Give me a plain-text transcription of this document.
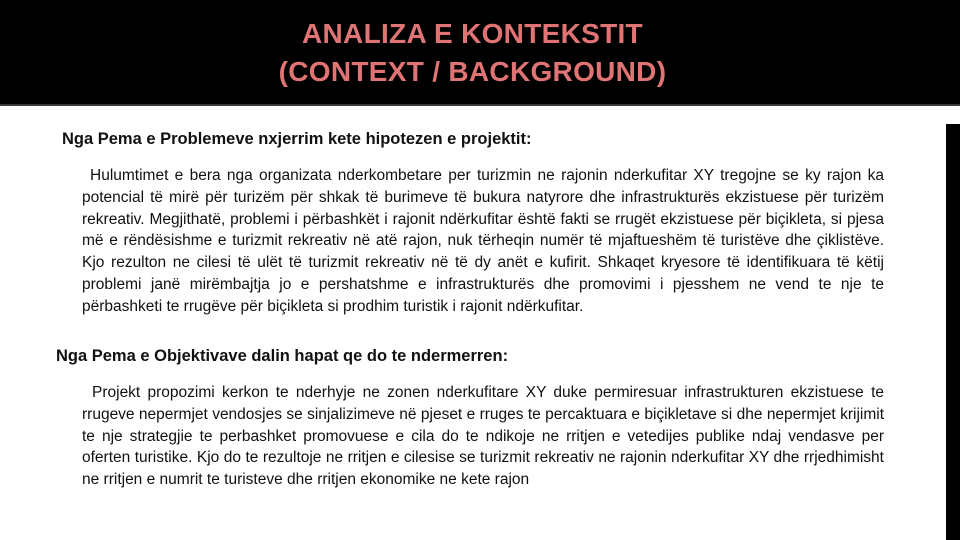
ANALIZA E KONTEKSTIT
(CONTEXT / BACKGROUND)
Nga Pema e Problemeve nxjerrim kete hipotezen e projektit:
Hulumtimet e bera nga organizata nderkombetare per turizmin ne rajonin nderkufitar XY tregojne se ky rajon ka potencial të mirë për turizëm për shkak të burimeve të bukura natyrore dhe infrastrukturës ekzistuese për turizëm rekreativ. Megjithatë, problemi i përbashkët i rajonit ndërkufitar është fakti se rrugët ekzistuese për biçikleta, si pjesa më e rëndësishme e turizmit rekreativ në atë rajon, nuk tërheqin numër të mjaftueshëm të turistëve dhe çiklistëve. Kjo rezulton ne cilesi të ulët të turizmit rekreativ në të dy anët e kufirit. Shkaqet kryesore të identifikuara të këtij problemi janë mirëmbajtja jo e pershatshme e infrastrukturës dhe promovimi i pjesshem ne vend te nje te përbashketi te rrugëve për biçikleta si prodhim turistik i rajonit ndërkufitar.
Nga Pema e Objektivave dalin hapat qe do te ndermerren:
Projekt propozimi kerkon te nderhyje ne zonen nderkufitare XY duke permiresuar infrastrukturen ekzistuese te rrugeve nepermjet vendosjes se sinjalizimeve në pjeset e rruges te percaktuara e biçikletave si dhe nepermjet krijimit te nje strategjie te perbashket promovuese e cila do te ndikoje ne rritjen e vetedijes publike ndaj vendasve per oferten turistike. Kjo do te rezultoje ne rritjen e cilesise se turizmit rekreativ ne rajonin nderkufitar XY dhe rrjedhimisht ne rritjen e numrit te turisteve dhe rritjen ekonomike ne kete rajon
